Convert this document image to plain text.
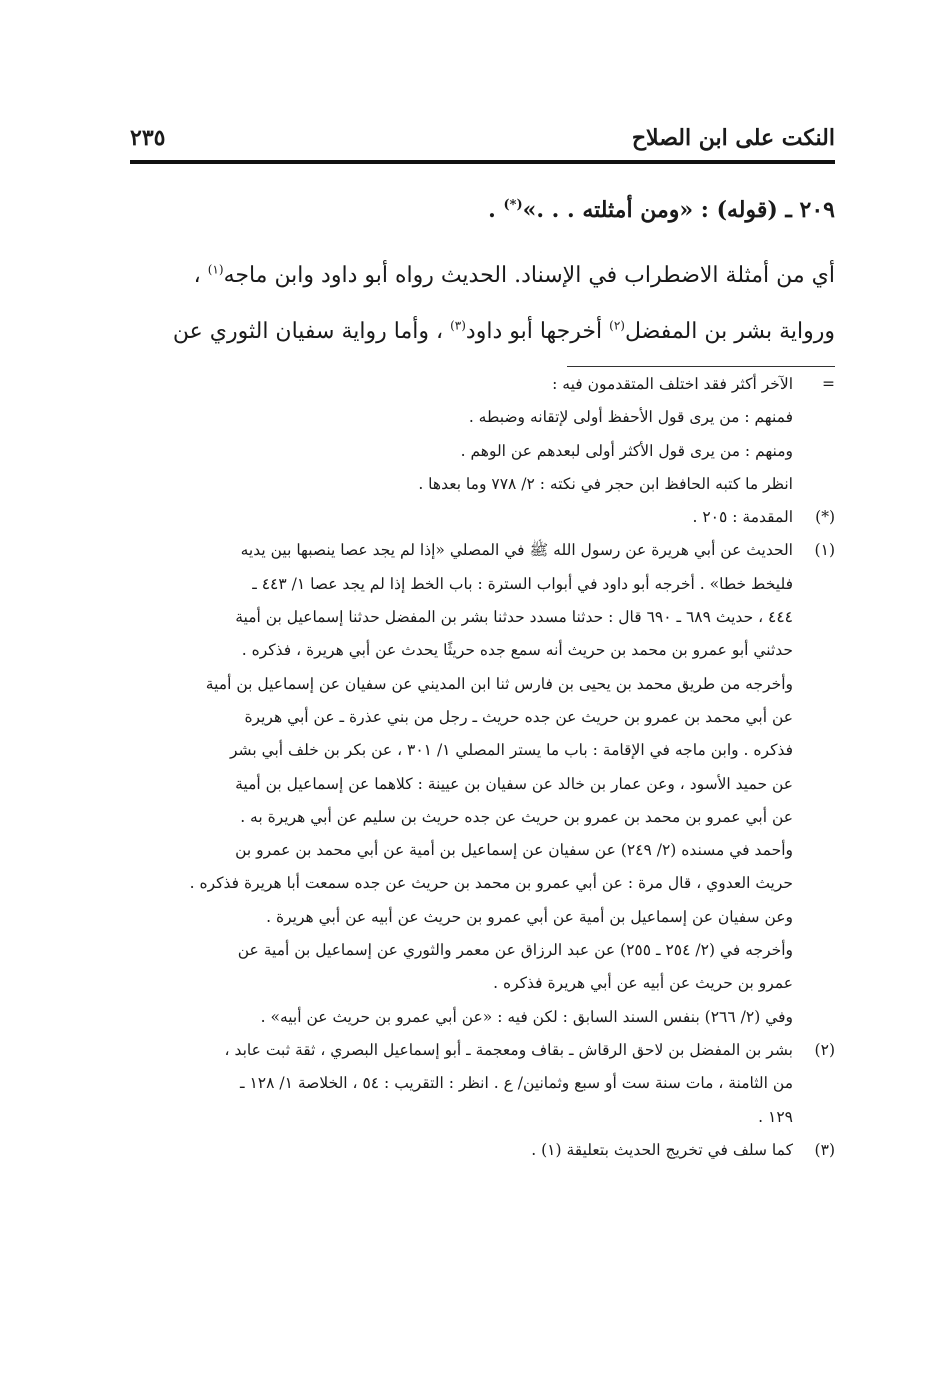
النكت على ابن الصلاح
٢٣٥
٢٠٩ ـ (قوله) : «ومن أمثلته . . .»(*) .

أي من أمثلة الاضطراب في الإسناد. الحديث رواه أبو داود وابن ماجه$^{(١)}$ ،

ورواية بشر بن المفضل$^{(٢)}$ أخرجها أبو داود$^{(٣)}$ ، وأما رواية سفيان الثوري عن

=الآخر أكثر فقد اختلف المتقدمون فيه :

فمنهم : من يرى قول الأحفظ أولى لإتقانه وضبطه .

ومنهم : من يرى قول الأكثر أولى لبعدهم عن الوهم .

انظر ما كتبه الحافظ ابن حجر في نكته : ٢/ ٧٧٨ وما بعدها .

(*)المقدمة : ٢٠٥ .

(١)الحديث عن أبي هريرة عن رسول الله ﷺ في المصلي «إذا لم يجد عصا ينصبها بين يديه

فليخط خطا» . أخرجه أبو داود في أبواب السترة : باب الخط إذا لم يجد عصا ١/ ٤٤٣ ـ

٤٤٤ ، حديث ٦٨٩ ـ ٦٩٠ قال : حدثنا مسدد حدثنا بشر بن المفضل حدثنا إسماعيل بن أمية

حدثني أبو عمرو بن محمد بن حريث أنه سمع جده حريثًا يحدث عن أبي هريرة ، فذكره .

وأخرجه من طريق محمد بن يحيى بن فارس ثنا ابن المديني عن سفيان عن إسماعيل بن أمية

عن أبي محمد بن عمرو بن حريث عن جده حريث ـ رجل من بني عذرة ـ عن أبي هريرة

فذكره . وابن ماجه في الإقامة : باب ما يستر المصلي ١/ ٣٠١ ، عن بكر بن خلف أبي بشر

عن حميد الأسود ، وعن عمار بن خالد عن سفيان بن عيينة : كلاهما عن إسماعيل بن أمية

عن أبي عمرو بن محمد بن عمرو بن حريث عن جده حريث بن سليم عن أبي هريرة به .

وأحمد في مسنده (٢/ ٢٤٩) عن سفيان عن إسماعيل بن أمية عن أبي محمد بن عمرو بن

حريث العدوي ، قال مرة : عن أبي عمرو بن محمد بن حريث عن جده سمعت أبا هريرة فذكره .

وعن سفيان عن إسماعيل بن أمية عن أبي عمرو بن حريث عن أبيه عن أبي هريرة .

وأخرجه في (٢/ ٢٥٤ ـ ٢٥٥) عن عبد الرزاق عن معمر والثوري عن إسماعيل بن أمية عن

عمرو بن حريث عن أبيه عن أبي هريرة فذكره .

وفي (٢/ ٢٦٦) بنفس السند السابق : لكن فيه : «عن أبي عمرو بن حريث عن أبيه» .

(٢)بشر بن المفضل بن لاحق الرقاش ـ بقاف ومعجمة ـ أبو إسماعيل البصري ، ثقة ثبت عابد ،

من الثامنة ، مات سنة ست أو سبع وثمانين/ ع . انظر : التقريب : ٥٤ ، الخلاصة ١/ ١٢٨ ـ

١٢٩ .

(٣)كما سلف في تخريج الحديث بتعليقة (١) .
